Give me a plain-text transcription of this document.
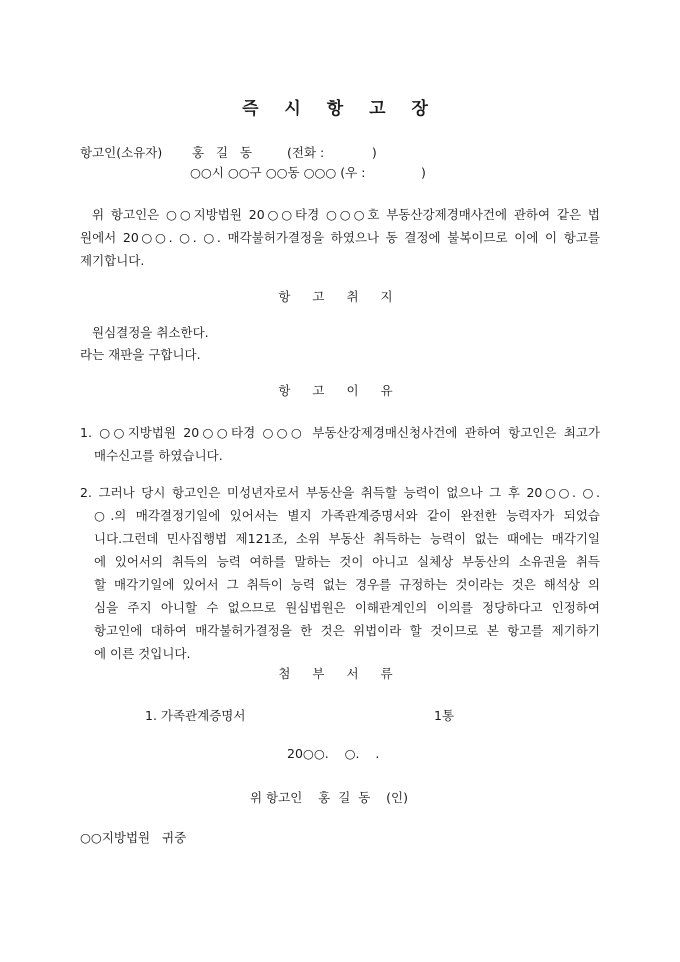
즉 시 항 고 장
항고인(소유자) 홍   길   동	(전화 :            )
○○시 ○○구 ○○동 ○○○ (우 :              )
위 항고인은 ○○지방법원 20○○타경 ○○○호 부동산강제경매사건에 관하여 같은 법
원에서 20○○. ○. ○. 매각불허가결정을 하였으나 동 결정에 불복이므로 이에 이 항고를
제기합니다.
항 고 취 지
원심결정을 취소한다.
라는 재판을 구합니다.
항 고 이 유
1. ○○지방법원 20○○타경 ○○○ 부동산강제경매신청사건에 관하여 항고인은 최고가
매수신고를 하였습니다.
2. 그러나 당시 항고인은 미성년자로서 부동산을 취득할 능력이 없으나 그 후 20○○. ○.
○.의 매각결정기일에 있어서는 별지 가족관계증명서와 같이 완전한 능력자가 되었습
니다.그런데 민사집행법 제121조, 소위 부동산 취득하는 능력이 없는 때에는 매각기일
에 있어서의 취득의 능력 여하를 말하는 것이 아니고 실체상 부동산의 소유권을 취득
할 매각기일에 있어서 그 취득이 능력 없는 경우를 규정하는 것이라는 것은 해석상 의
심을 주지 아니할 수 없으므로 원심법원은 이해관계인의 이의를 정당하다고 인정하여
항고인에 대하여 매각불허가결정을 한 것은 위법이라 할 것이므로 본 항고를 제기하기
에 이른 것입니다.
첨 부 서 류
1. 가족관계증명서	1통
20○○.    ○.    .
위 항고인    홍  길  동    (인)
○○지방법원   귀중
